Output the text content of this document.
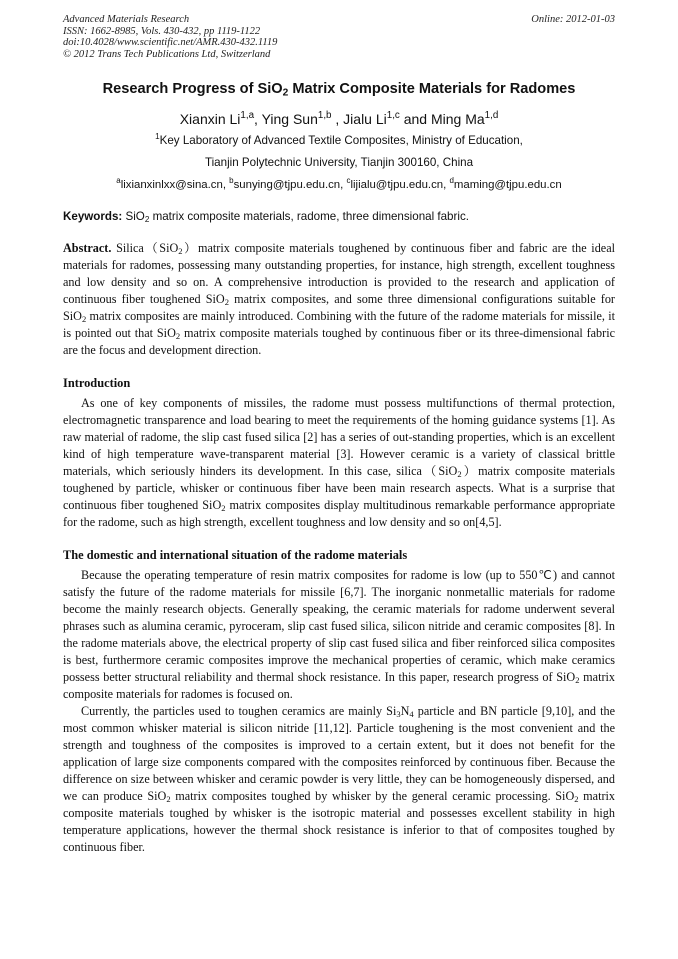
Advanced Materials Research
ISSN: 1662-8985, Vols. 430-432, pp 1119-1122
doi:10.4028/www.scientific.net/AMR.430-432.1119
© 2012 Trans Tech Publications Ltd, Switzerland
Online: 2012-01-03
Research Progress of SiO$_2$ Matrix Composite Materials for Radomes
Xianxin Li$^{1,a}$, Ying Sun$^{1,b}$ , Jialu Li$^{1,c}$ and Ming Ma$^{1,d}$
$^1$Key Laboratory of Advanced Textile Composites, Ministry of Education,
Tianjin Polytechnic University, Tianjin 300160, China
$^a$lixianxinlxx@sina.cn, $^b$sunying@tjpu.edu.cn, $^c$lijialu@tjpu.edu.cn, $^d$maming@tjpu.edu.cn
Keywords: SiO$_2$ matrix composite materials, radome, three dimensional fabric.
Abstract. Silica（SiO$_2$）matrix composite materials toughened by continuous fiber and fabric are the ideal materials for radomes, possessing many outstanding properties, for instance, high strength, excellent toughness and low density and so on. A comprehensive introduction is provided to the research and application of continuous fiber toughened SiO$_2$ matrix composites, and some three dimensional configurations suitable for SiO$_2$ matrix composites are mainly introduced. Combining with the future of the radome materials for missile, it is pointed out that SiO$_2$ matrix composite materials toughed by continuous fiber or its three-dimensional fabric are the focus and development direction.
Introduction

As one of key components of missiles, the radome must possess multifunctions of thermal protection, electromagnetic transparence and load bearing to meet the requirements of the homing guidance systems [1]. As raw material of radome, the slip cast fused silica [2] has a series of out-standing properties, which is an excellent kind of high temperature wave-transparent material [3]. However ceramic is a variety of classical brittle materials, which seriously hinders its development. In this case, silica（SiO$_2$）matrix composite materials toughened by particle, whisker or continuous fiber have been main research aspects. What is a surprise that continuous fiber toughened SiO$_2$ matrix composites display multitudinous remarkable performance appropriate for the radome, such as high strength, excellent toughness and low density and so on[4,5].

The domestic and international situation of the radome materials

Because the operating temperature of resin matrix composites for radome is low (up to 550℃) and cannot satisfy the future of the radome materials for missile [6,7]. The inorganic nonmetallic materials for radome become the mainly research objects. Generally speaking, the ceramic materials for radome underwent several phrases such as alumina ceramic, pyroceram, slip cast fused silica, silicon nitride and ceramic composites [8]. In the radome materials above, the electrical property of slip cast fused silica and fiber reinforced silica composites is best, furthermore ceramic composites improve the mechanical properties of ceramic, which make ceramics possess better structural reliability and thermal shock resistance. In this paper, research progress of SiO$_2$ matrix composite materials for radomes is focused on.

Currently, the particles used to toughen ceramics are mainly $Si_3N_4$ particle and BN particle [9,10], and the most common whisker material is silicon nitride [11,12]. Particle toughening is the most convenient and the strength and toughness of the composites is improved to a certain extent, but it does not benefit for the application of large size components compared with the composites reinforced by continuous fiber. Because the difference on size between whisker and ceramic powder is very little, they can be homogeneously dispersed, and we can produce SiO$_2$ matrix composites toughed by whisker by the general ceramic processing. SiO$_2$ matrix composite materials toughed by whisker is the isotropic material and possesses excellent stability in high temperature applications, however the thermal shock resistance is inferior to that of composites toughed by continuous fiber.
